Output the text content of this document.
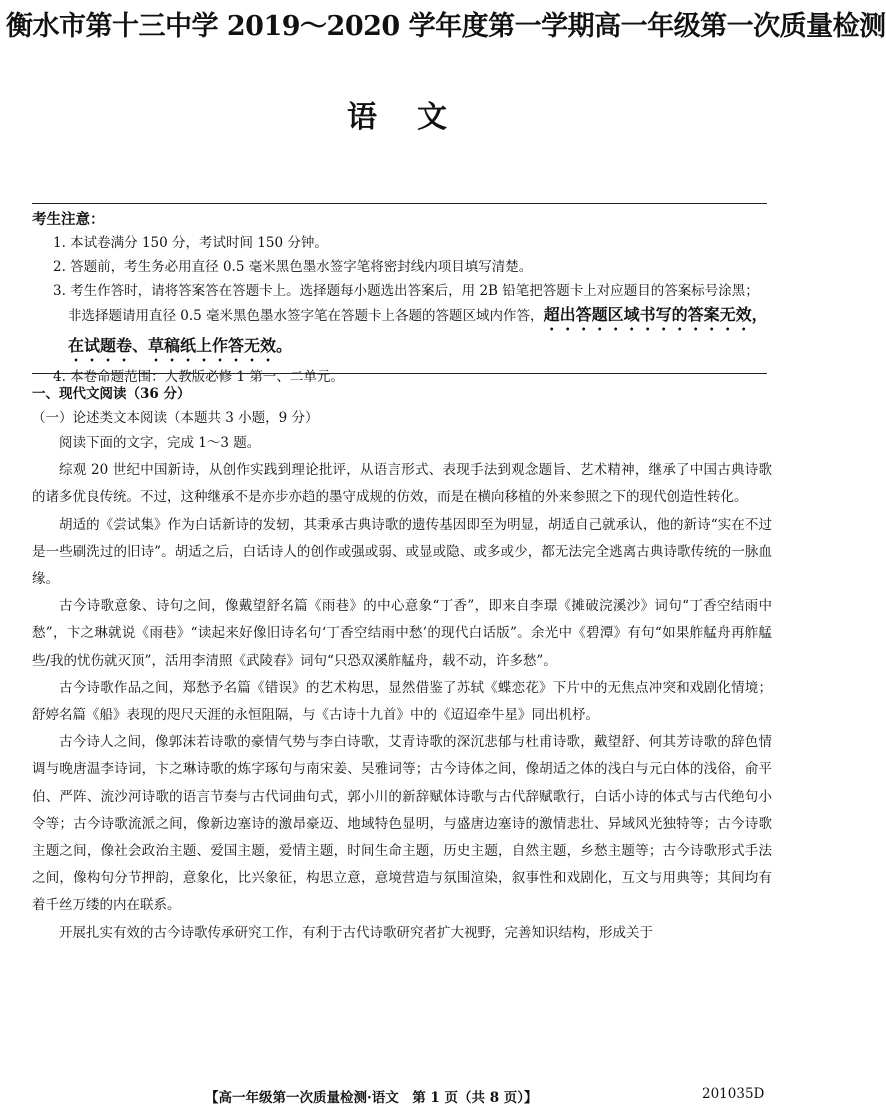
衡水市第十三中学 2019～2020 学年度第一学期高一年级第一次质量检测
语文
考生注意：
1. 本试卷满分 150 分，考试时间 150 分钟。
2. 答题前，考生务必用直径 0.5 毫米黑色墨水签字笔将密封线内项目填写清楚。
3. 考生作答时，请将答案答在答题卡上。选择题每小题选出答案后，用 2B 铅笔把答题卡上对应题目的答案标号涂黑；非选择题请用直径 0.5 毫米黑色墨水签字笔在答题卡上各题的答题区域内作答，超出答题区域书写的答案无效，在试题卷、草稿纸上作答无效。
4. 本卷命题范围：人教版必修 1 第一、二单元。
一、现代文阅读（36 分）
（一）论述类文本阅读（本题共 3 小题，9 分）

阅读下面的文字，完成 1～3 题。

综观 20 世纪中国新诗，从创作实践到理论批评，从语言形式、表现手法到观念题旨、艺术精神，继承了中国古典诗歌的诸多优良传统。不过，这种继承不是亦步亦趋的墨守成规的仿效，而是在横向移植的外来参照之下的现代创造性转化。

胡适的《尝试集》作为白话新诗的发轫，其秉承古典诗歌的遗传基因即至为明显，胡适自己就承认，他的新诗“实在不过是一些刷洗过的旧诗”。胡适之后，白话诗人的创作或强或弱、或显或隐、或多或少，都无法完全逃离古典诗歌传统的一脉血缘。

古今诗歌意象、诗句之间，像戴望舒名篇《雨巷》的中心意象“丁香”，即来自李璟《摊破浣溪沙》词句“丁香空结雨中愁”，卞之琳就说《雨巷》“读起来好像旧诗名句‘丁香空结雨中愁’的现代白话版”。余光中《碧潭》有句“如果舴艋舟再舴艋些/我的忧伤就灭顶”，活用李清照《武陵春》词句“只恐双溪舴艋舟，载不动，许多愁”。

古今诗歌作品之间，郑愁予名篇《错误》的艺术构思，显然借鉴了苏轼《蝶恋花》下片中的无焦点冲突和戏剧化情境；舒婷名篇《船》表现的咫尺天涯的永恒阻隔，与《古诗十九首》中的《迢迢牵牛星》同出机杼。

古今诗人之间，像郭沫若诗歌的豪情气势与李白诗歌，艾青诗歌的深沉悲郁与杜甫诗歌，戴望舒、何其芳诗歌的辞色情调与晚唐温李诗词，卞之琳诗歌的炼字琢句与南宋姜、吴雅词等；古今诗体之间，像胡适之体的浅白与元白体的浅俗，俞平伯、严阵、流沙河诗歌的语言节奏与古代词曲句式，郭小川的新辞赋体诗歌与古代辞赋歌行，白话小诗的体式与古代绝句小令等；古今诗歌流派之间，像新边塞诗的激昂豪迈、地域特色显明，与盛唐边塞诗的激情悲壮、异域风光独特等；古今诗歌主题之间，像社会政治主题、爱国主题，爱情主题，时间生命主题，历史主题，自然主题，乡愁主题等；古今诗歌形式手法之间，像构句分节押韵，意象化，比兴象征，构思立意，意境营造与氛围渲染，叙事性和戏剧化，互文与用典等；其间均有着千丝万缕的内在联系。

开展扎实有效的古今诗歌传承研究工作，有利于古代诗歌研究者扩大视野，完善知识结构，形成关于

【高一年级第一次质量检测·语文　第 1 页（共 8 页）】	201035D
